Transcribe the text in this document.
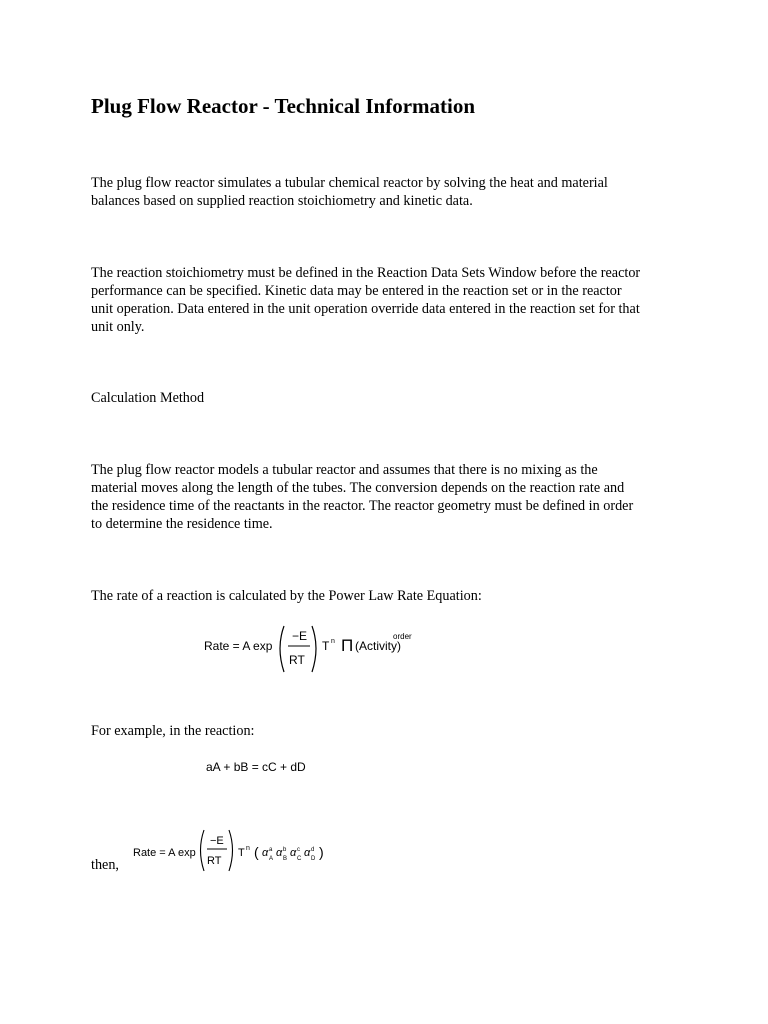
Plug Flow Reactor - Technical Information

The plug flow reactor simulates a tubular chemical reactor by solving the heat and material
balances based on supplied reaction stoichiometry and kinetic data.

The reaction stoichiometry must be defined in the Reaction Data Sets Window before the reactor
performance can be specified. Kinetic data may be entered in the reaction set or in the reactor
unit operation. Data entered in the unit operation override data entered in the reaction set for that
unit only.

Calculation Method

The plug flow reactor models a tubular reactor and assumes that there is no mixing as the
material moves along the length of the tubes. The conversion depends on the reaction rate and
the residence time of the reactants in the reactor. The reactor geometry must be defined in order
to determine the residence time.

The rate of a reaction is calculated by the Power Law Rate Equation:

Rate = A exp
−E
RT
T n Π (Activity)
order

For example, in the reaction:

aA + bB = cC + dD
Rate = A exp
−E
RT
T n ( α a
A α b
B α c
C α d
D )

then,
